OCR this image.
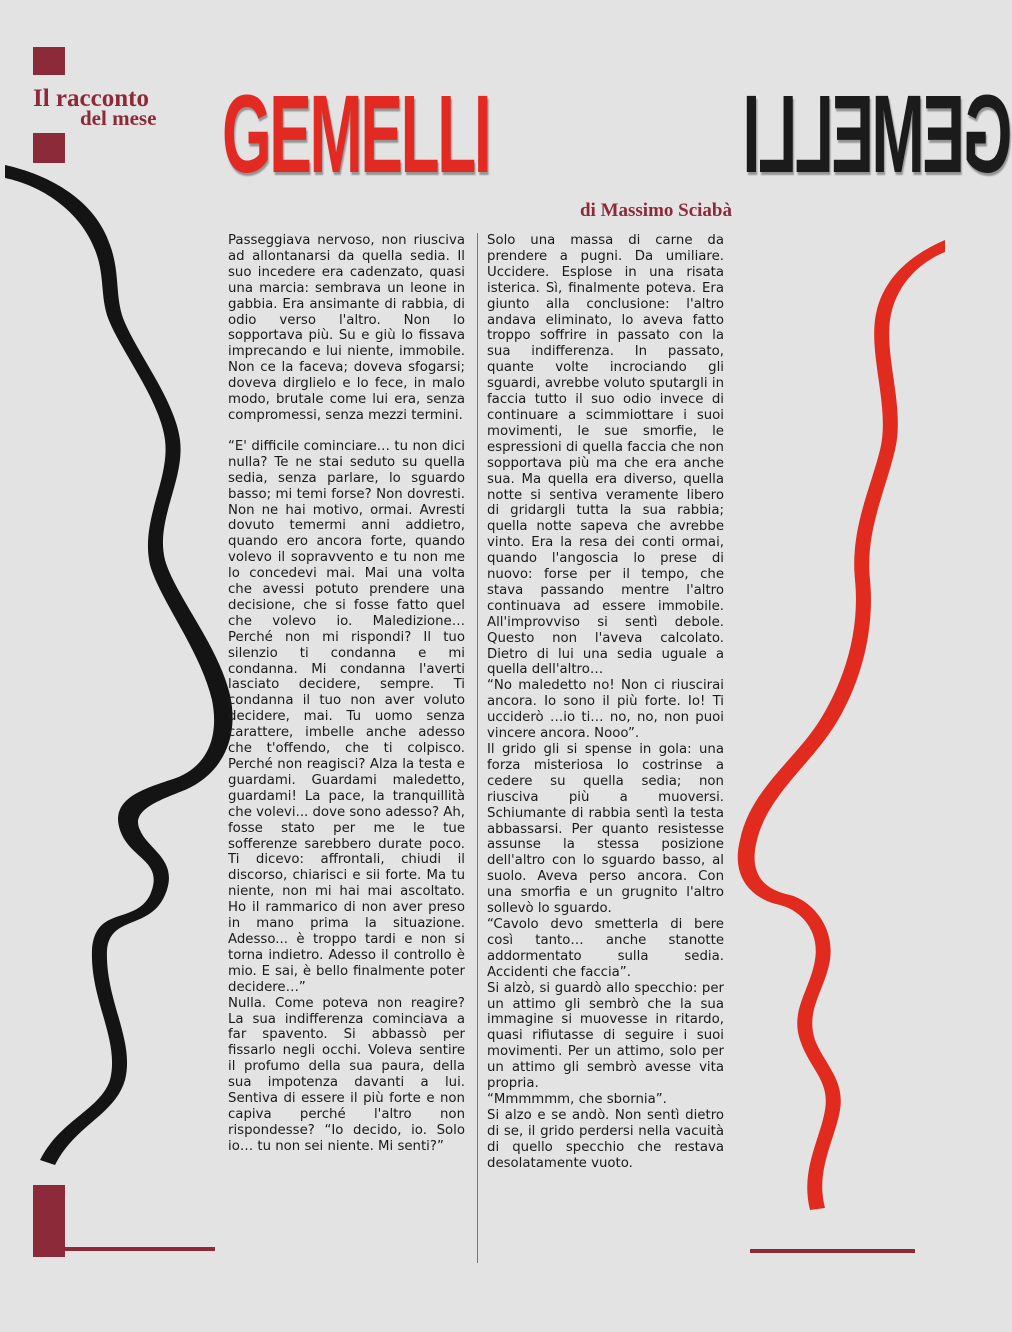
Il racconto

del mese GEMELLI GEMELLI

di Massimo Sciabà

Passeggiava nervoso, non riusciva ad allontanarsi da quella sedia. Il suo incedere era cadenzato, quasi una marcia: sembrava un leone in gabbia. Era ansimante di rabbia, di odio verso l'altro. Non lo sopportava più. Su e giù lo fissava imprecando e lui niente, immobile. Non ce la faceva; doveva sfogarsi; doveva dirglielo e lo fece, in malo modo, brutale come lui era, senza compromessi, senza mezzi termini.

“E' difficile cominciare… tu non dici nulla? Te ne stai seduto su quella sedia, senza parlare, lo sguardo basso; mi temi forse? Non dovresti. Non ne hai motivo, ormai. Avresti dovuto temermi anni addietro, quando ero ancora forte, quando volevo il sopravvento e tu non me lo concedevi mai. Mai una volta che avessi potuto prendere una decisione, che si fosse fatto quel che volevo io. Maledizione… Perché non mi rispondi? Il tuo silenzio ti condanna e mi condanna. Mi condanna l'averti lasciato decidere, sempre. Ti condanna il tuo non aver voluto decidere, mai. Tu uomo senza carattere, imbelle anche adesso che t'offendo, che ti colpisco. Perché non reagisci? Alza la testa e guardami. Guardami maledetto, guardami! La pace, la tranquillità che volevi... dove sono adesso? Ah, fosse stato per me le tue sofferenze sarebbero durate poco. Ti dicevo: affrontali, chiudi il discorso, chiarisci e sii forte. Ma tu niente, non mi hai mai ascoltato. Ho il rammarico di non aver preso in mano prima la situazione. Adesso... è troppo tardi e non si torna indietro. Adesso il controllo è mio. E sai, è bello finalmente poter decidere…”

Nulla. Come poteva non reagire? La sua indifferenza cominciava a far spavento. Si abbassò per fissarlo negli occhi. Voleva sentire il profumo della sua paura, della sua impotenza davanti a lui. Sentiva di essere il più forte e non capiva perché l'altro non rispondesse? “Io decido, io. Solo io… tu non sei niente. Mi senti?”

Solo una massa di carne da prendere a pugni. Da umiliare. Uccidere. Esplose in una risata isterica. Sì, finalmente poteva. Era giunto alla conclusione: l'altro andava eliminato, lo aveva fatto troppo soffrire in passato con la sua indifferenza. In passato, quante volte incrociando gli sguardi, avrebbe voluto sputargli in faccia tutto il suo odio invece di continuare a scimmiottare i suoi movimenti, le sue smorfie, le espressioni di quella faccia che non sopportava più ma che era anche sua. Ma quella era diverso, quella notte si sentiva veramente libero di gridargli tutta la sua rabbia; quella notte sapeva che avrebbe vinto. Era la resa dei conti ormai, quando l'angoscia lo prese di nuovo: forse per il tempo, che stava passando mentre l'altro continuava ad essere immobile. All'improvviso si sentì debole. Questo non l'aveva calcolato. Dietro di lui una sedia uguale a quella dell'altro…

“No maledetto no! Non ci riuscirai ancora. Io sono il più forte. Io! Ti ucciderò …io ti… no, no, non puoi vincere ancora. Nooo”.

Il grido gli si spense in gola: una forza misteriosa lo costrinse a cedere su quella sedia; non riusciva più a muoversi. Schiumante di rabbia sentì la testa abbassarsi. Per quanto resistesse assunse la stessa posizione dell'altro con lo sguardo basso, al suolo. Aveva perso ancora. Con una smorfia e un grugnito l'altro sollevò lo sguardo.

“Cavolo devo smetterla di bere così tanto… anche stanotte addormentato sulla sedia. Accidenti che faccia”.

Si alzò, si guardò allo specchio: per un attimo gli sembrò che la sua immagine si muovesse in ritardo, quasi rifiutasse di seguire i suoi movimenti. Per un attimo, solo per un attimo gli sembrò avesse vita propria.

“Mmmmmm, che sbornia”.

Si alzo e se andò. Non sentì dietro di se, il grido perdersi nella vacuità di quello specchio che restava desolatamente vuoto.
